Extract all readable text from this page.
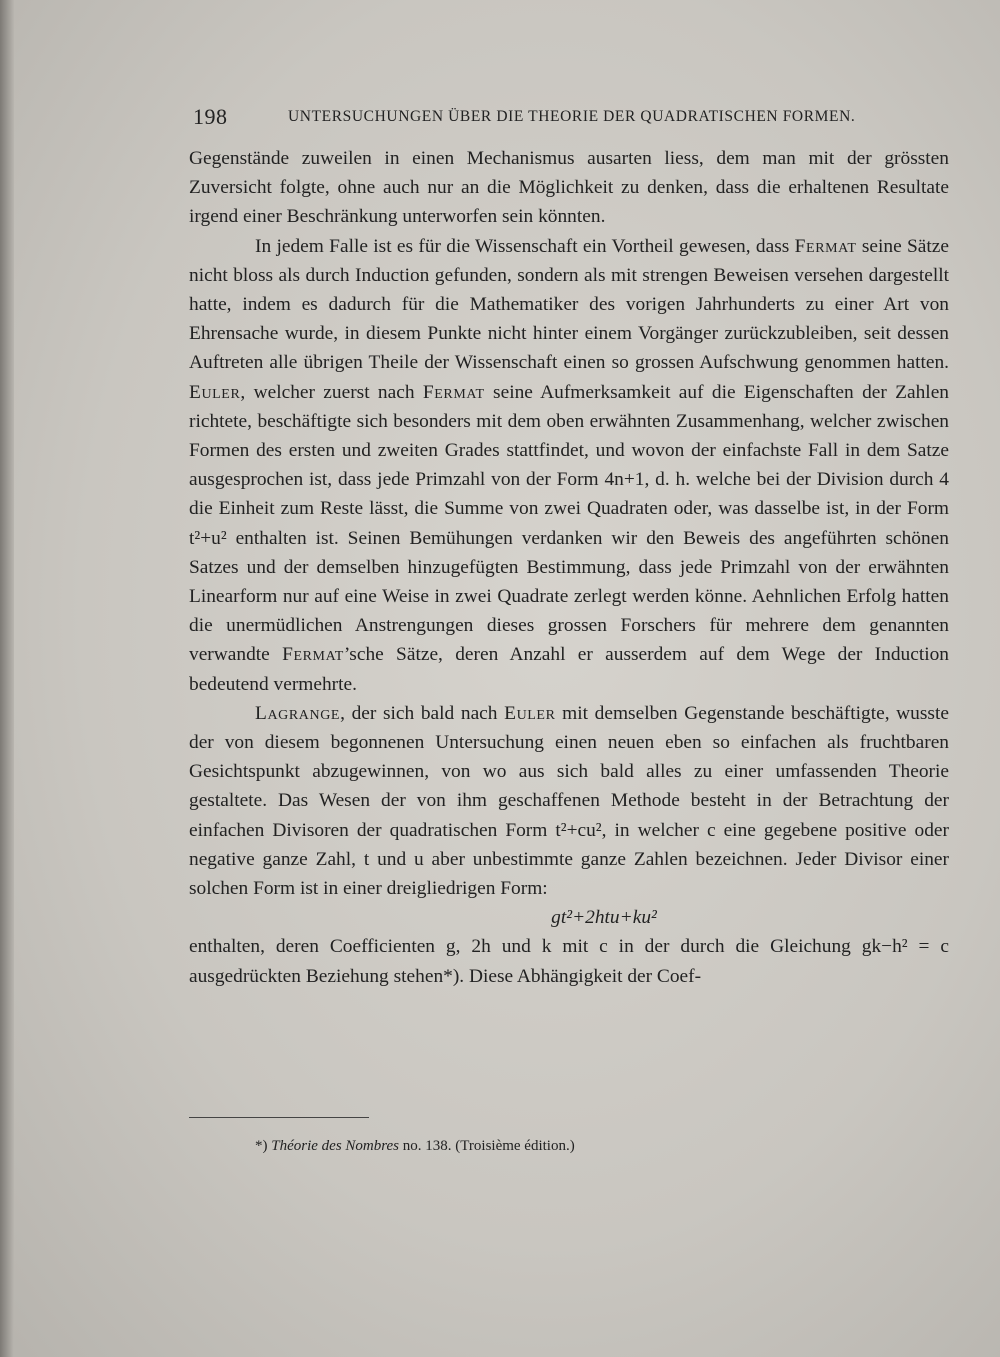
198	UNTERSUCHUNGEN ÜBER DIE THEORIE DER QUADRATISCHEN FORMEN.

Gegenstände zuweilen in einen Mechanismus ausarten liess, dem man mit der grössten Zuversicht folgte, ohne auch nur an die Möglichkeit zu denken, dass die erhaltenen Resultate irgend einer Beschränkung unterworfen sein könnten.

In jedem Falle ist es für die Wissenschaft ein Vortheil gewesen, dass Fermat seine Sätze nicht bloss als durch Induction gefunden, sondern als mit strengen Beweisen versehen dargestellt hatte, indem es dadurch für die Mathematiker des vorigen Jahrhunderts zu einer Art von Ehrensache wurde, in diesem Punkte nicht hinter einem Vorgänger zurückzubleiben, seit dessen Auftreten alle übrigen Theile der Wissenschaft einen so grossen Aufschwung genommen hatten. Euler, welcher zuerst nach Fermat seine Aufmerksamkeit auf die Eigenschaften der Zahlen richtete, beschäftigte sich besonders mit dem oben erwähnten Zusammenhang, welcher zwischen Formen des ersten und zweiten Grades stattfindet, und wovon der einfachste Fall in dem Satze ausgesprochen ist, dass jede Primzahl von der Form 4n+1, d. h. welche bei der Division durch 4 die Einheit zum Reste lässt, die Summe von zwei Quadraten oder, was dasselbe ist, in der Form t²+u² enthalten ist. Seinen Bemühungen verdanken wir den Beweis des angeführten schönen Satzes und der demselben hinzugefügten Bestimmung, dass jede Primzahl von der erwähnten Linearform nur auf eine Weise in zwei Quadrate zerlegt werden könne. Aehnlichen Erfolg hatten die unermüdlichen Anstrengungen dieses grossen Forschers für mehrere dem genannten verwandte Fermat’sche Sätze, deren Anzahl er ausserdem auf dem Wege der Induction bedeutend vermehrte.

Lagrange, der sich bald nach Euler mit demselben Gegenstande beschäftigte, wusste der von diesem begonnenen Untersuchung einen neuen eben so einfachen als fruchtbaren Gesichtspunkt abzugewinnen, von wo aus sich bald alles zu einer umfassenden Theorie gestaltete. Das Wesen der von ihm geschaffenen Methode besteht in der Betrachtung der einfachen Divisoren der quadratischen Form t²+cu², in welcher c eine gegebene positive oder negative ganze Zahl, t und u aber unbestimmte ganze Zahlen bezeichnen. Jeder Divisor einer solchen Form ist in einer dreigliedrigen Form:

gt²+2htu+ku²

enthalten, deren Coefficienten g, 2h und k mit c in der durch die Gleichung gk−h² = c ausgedrückten Beziehung stehen*). Diese Abhängigkeit der Coef-

*) Théorie des Nombres no. 138. (Troisième édition.)
